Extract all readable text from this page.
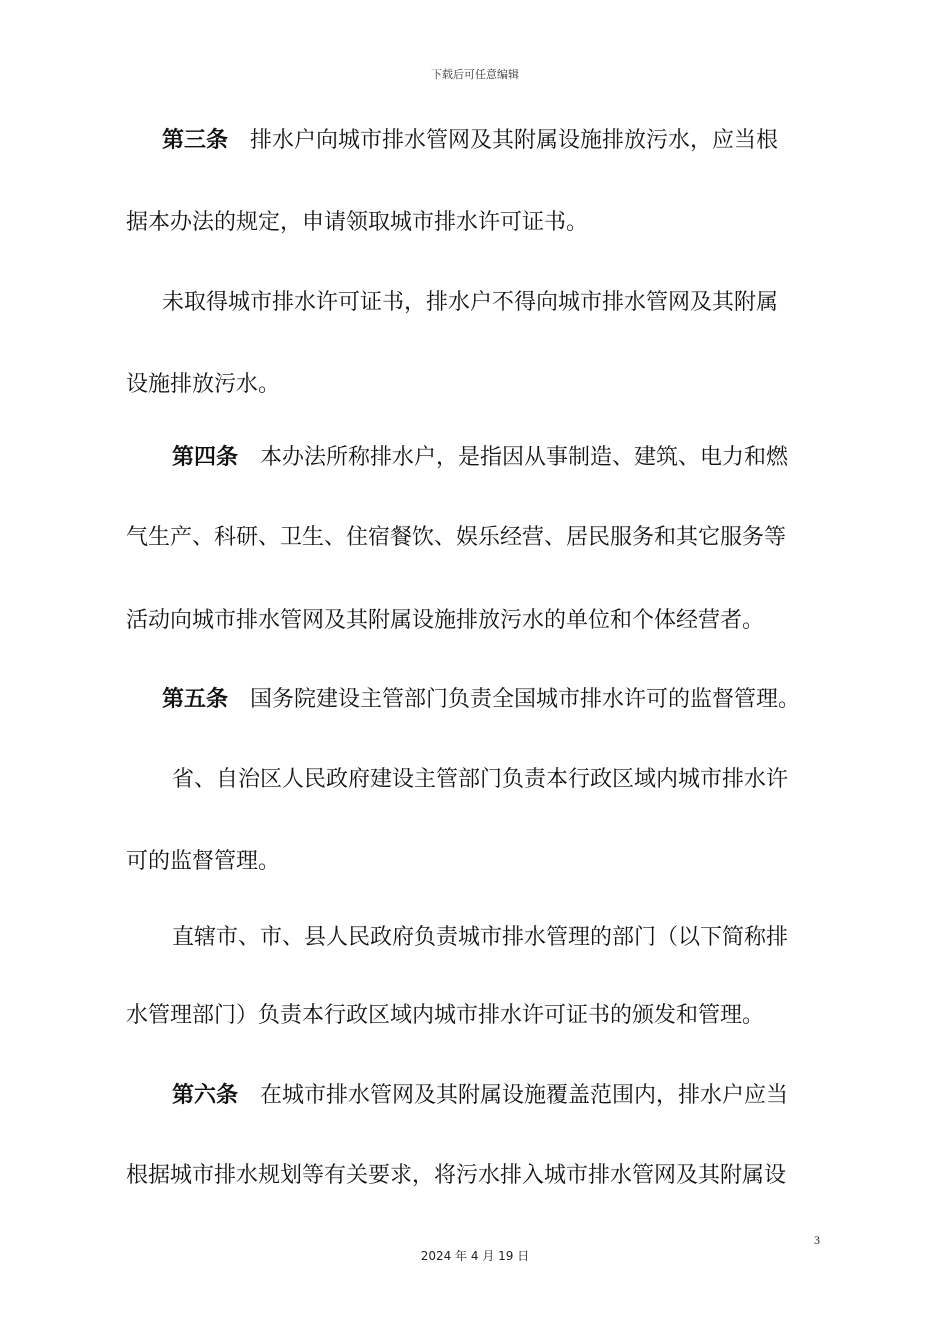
下载后可任意编辑
第三条 排水户向城市排水管网及其附属设施排放污水，应当根
据本办法的规定，申请领取城市排水许可证书。
未取得城市排水许可证书，排水户不得向城市排水管网及其附属
设施排放污水。
第四条 本办法所称排水户，是指因从事制造、建筑、电力和燃
气生产、科研、卫生、住宿餐饮、娱乐经营、居民服务和其它服务等
活动向城市排水管网及其附属设施排放污水的单位和个体经营者。
第五条 国务院建设主管部门负责全国城市排水许可的监督管理。
省、自治区人民政府建设主管部门负责本行政区域内城市排水许
可的监督管理。
直辖市、市、县人民政府负责城市排水管理的部门（以下简称排
水管理部门）负责本行政区域内城市排水许可证书的颁发和管理。
第六条 在城市排水管网及其附属设施覆盖范围内，排水户应当
根据城市排水规划等有关要求，将污水排入城市排水管网及其附属设
3
2024 年 4 月 19 日
